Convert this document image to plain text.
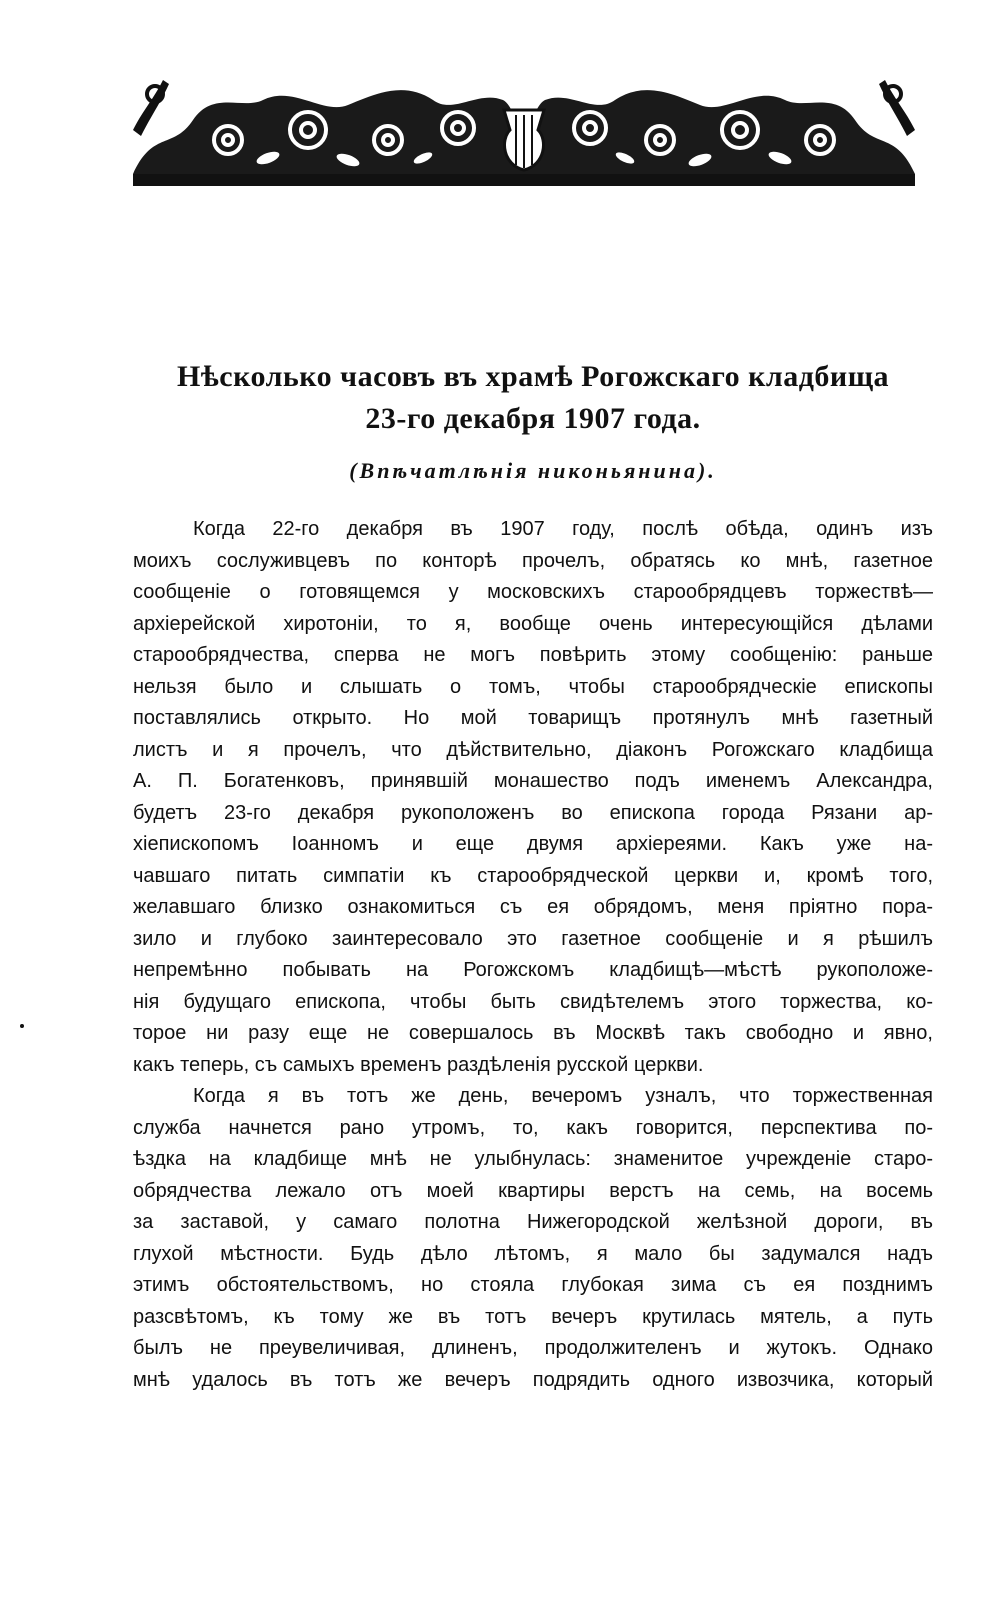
Нѣсколько часовъ въ храмѣ Рогожскаго кладбища
23-го декабря 1907 года.
(Впѣчатлѣнія никоньянина).
Когда 22-го декабря въ 1907 году, послѣ обѣда, одинъ изъ
моихъ сослуживцевъ по конторѣ прочелъ, обратясь ко мнѣ, газетное
сообщеніе о готовящемся у московскихъ старообрядцевъ торжествѣ—
архіерейской хиротоніи, то я, вообще очень интересующійся дѣлами
старообрядчества, сперва не могъ повѣрить этому сообщенію: раньше
нельзя было и слышать о томъ, чтобы старообрядческіе епископы
поставлялись открыто. Но мой товарищъ протянулъ мнѣ газетный
листъ и я прочелъ, что дѣйствительно, діаконъ Рогожскаго кладбища
А. П. Богатенковъ, принявшій монашество подъ именемъ Александра,
будетъ 23-го декабря рукоположенъ во епископа города Рязани ар-
хіепископомъ Іоанномъ и еще двумя архіереями. Какъ уже на-
чавшаго питать симпатіи къ старообрядческой церкви и, кромѣ того,
желавшаго близко ознакомиться съ ея обрядомъ, меня пріятно пора-
зило и глубоко заинтересовало это газетное сообщеніе и я рѣшилъ
непремѣнно побывать на Рогожскомъ кладбищѣ—мѣстѣ рукоположе-
нія будущаго епископа, чтобы быть свидѣтелемъ этого торжества, ко-
торое ни разу еще не совершалось въ Москвѣ такъ свободно и явно,
какъ теперь, съ самыхъ временъ раздѣленія русской церкви.
Когда я въ тотъ же день, вечеромъ узналъ, что торжественная
служба начнется рано утромъ, то, какъ говорится, перспектива по-
ѣздка на кладбище мнѣ не улыбнулась: знаменитое учрежденіе старо-
обрядчества лежало отъ моей квартиры верстъ на семь, на восемь
за заставой, у самаго полотна Нижегородской желѣзной дороги, въ
глухой мѣстности. Будь дѣло лѣтомъ, я мало бы задумался надъ
этимъ обстоятельствомъ, но стояла глубокая зима съ ея позднимъ
разсвѣтомъ, къ тому же въ тотъ вечеръ крутилась мятель, а путь
былъ не преувеличивая, длиненъ, продолжителенъ и жутокъ. Однако
мнѣ удалось въ тотъ же вечеръ подрядить одного извозчика, который
